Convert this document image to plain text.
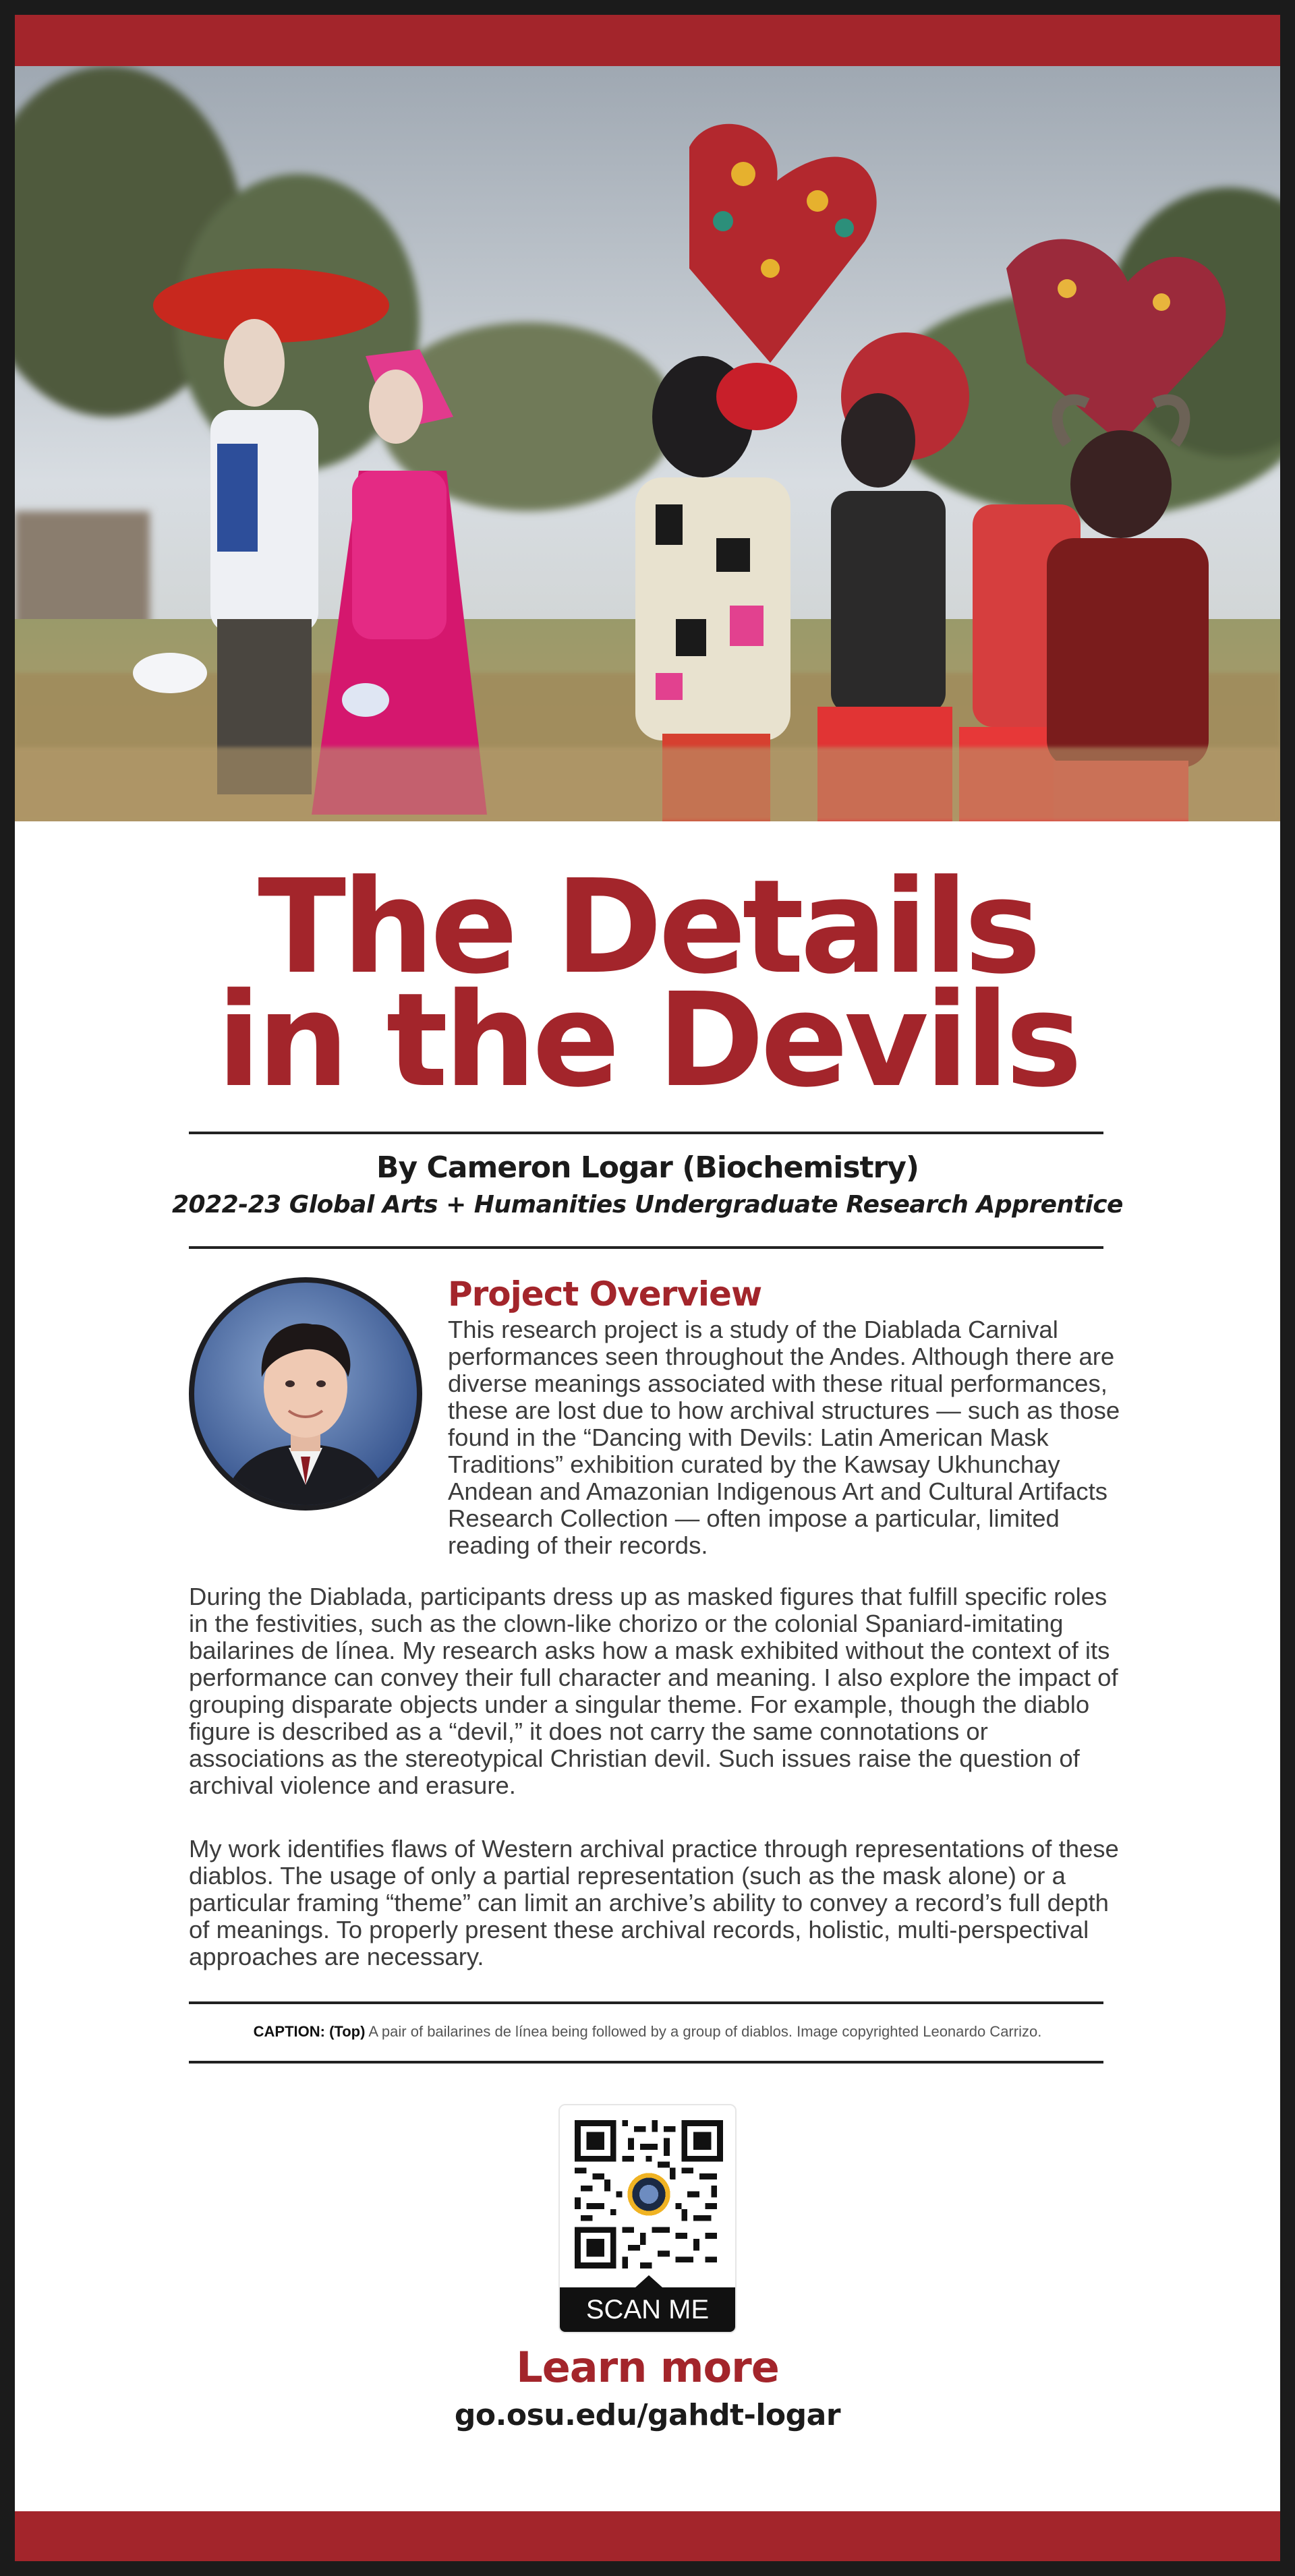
The Details
in the Devils
By Cameron Logar (Biochemistry)
2022-23 Global Arts + Humanities Undergraduate Research Apprentice
Project Overview

This research project is a study of the Diablada Carnival performances seen throughout the Andes. Although there are diverse meanings associated with these ritual performances, these are lost due to how archival structures — such as those found in the “Dancing with Devils: Latin American Mask Traditions” exhibition curated by the Kawsay Ukhunchay Andean and Amazonian Indigenous Art and Cultural Artifacts Research Collection — often impose a particular, limited reading of their records.

During the Diablada, participants dress up as masked figures that fulfill specific roles in the festivities, such as the clown-like chorizo or the colonial Spaniard-imitating bailarines de línea. My research asks how a mask exhibited without the context of its performance can convey their full character and meaning. I also explore the impact of grouping disparate objects under a singular theme. For example, though the diablo figure is described as a “devil,” it does not carry the same connotations or associations as the stereotypical Christian devil. Such issues raise the question of archival violence and erasure.

My work identifies flaws of Western archival practice through representations of these diablos. The usage of only a partial representation (such as the mask alone) or a particular framing “theme” can limit an archive’s ability to convey a record’s full depth of meanings. To properly present these archival records, holistic, multi-perspectival approaches are necessary.

CAPTION: (Top) A pair of bailarines de línea being followed by a group of diablos. Image copyrighted Leonardo Carrizo.
SCAN ME
Learn more
go.osu.edu/gahdt-logar
